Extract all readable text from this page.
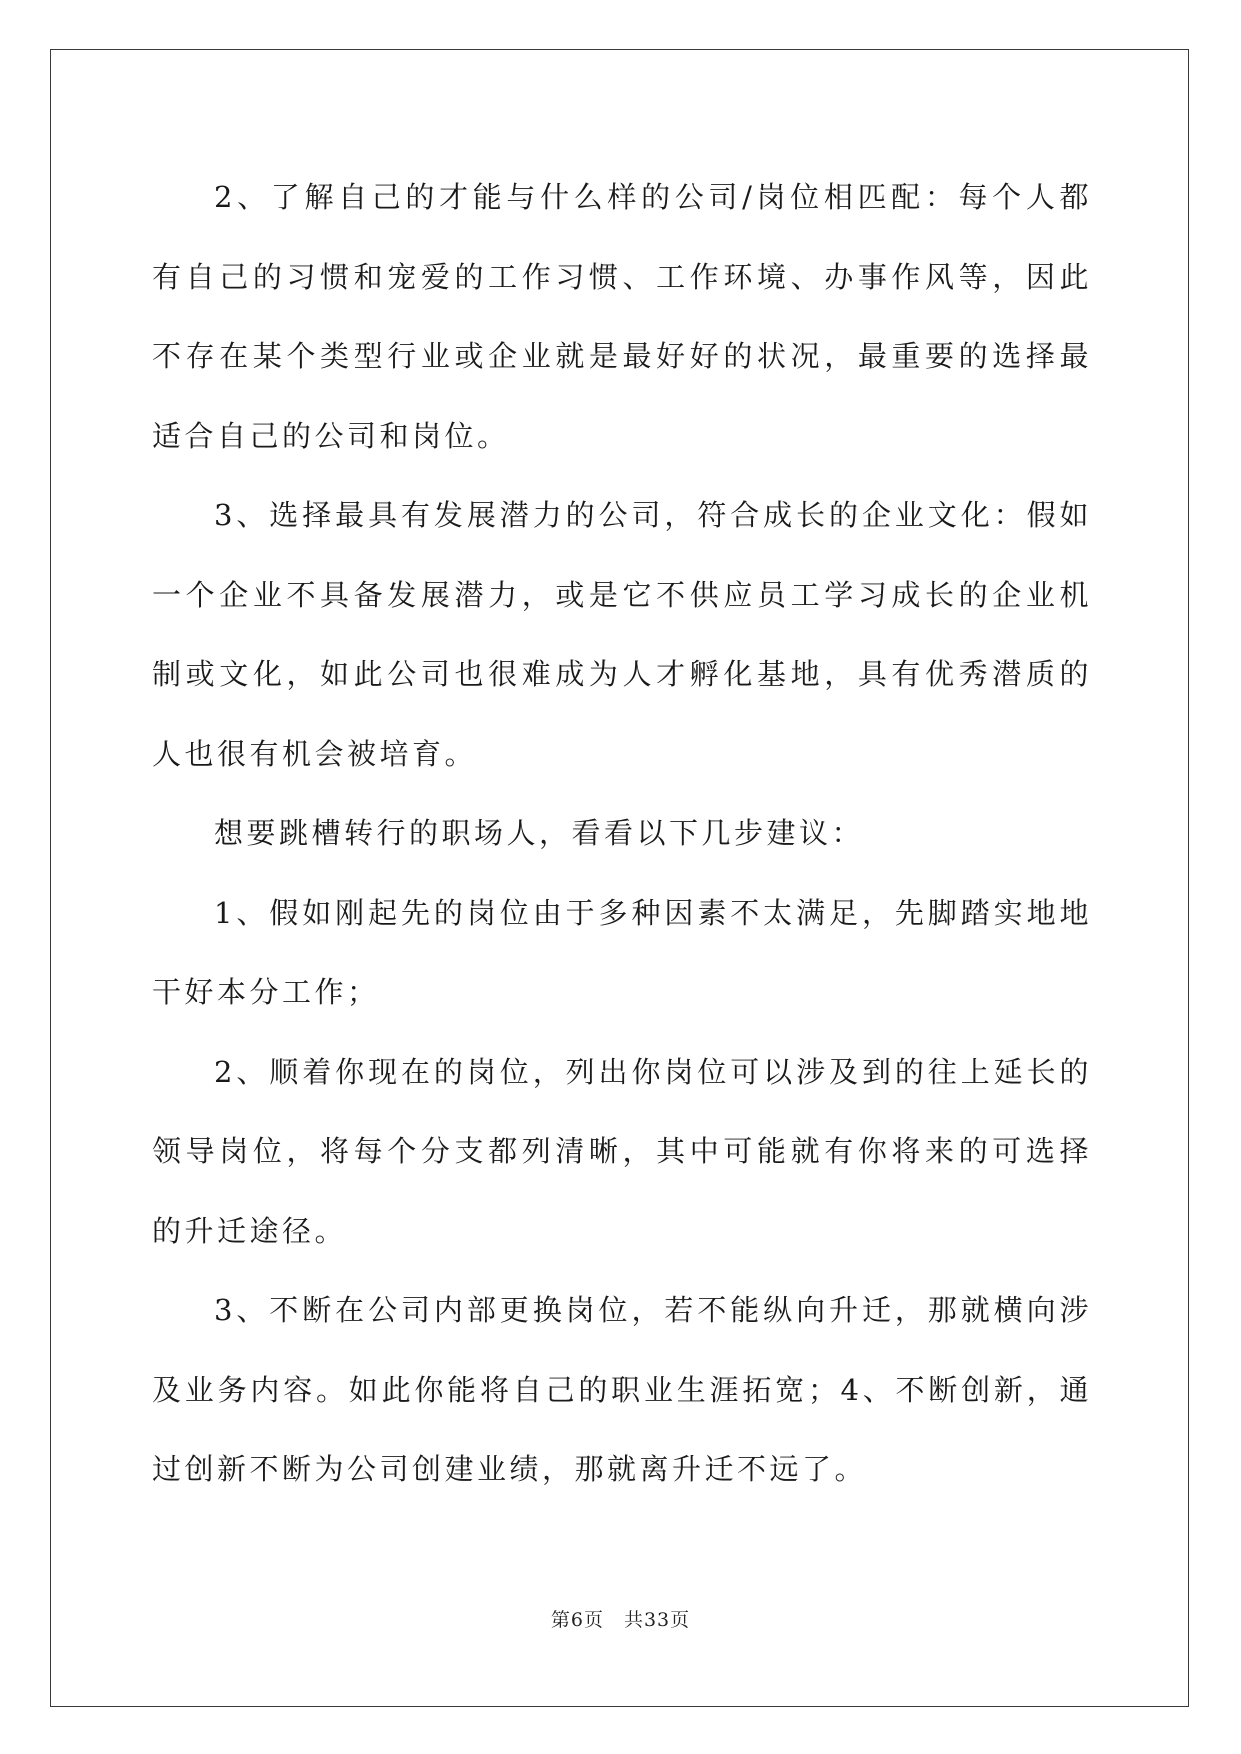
2、了解自己的才能与什么样的公司/岗位相匹配：每个人都有自己的习惯和宠爱的工作习惯、工作环境、办事作风等，因此不存在某个类型行业或企业就是最好好的状况，最重要的选择最适合自己的公司和岗位。

3、选择最具有发展潜力的公司，符合成长的企业文化：假如一个企业不具备发展潜力，或是它不供应员工学习成长的企业机制或文化，如此公司也很难成为人才孵化基地，具有优秀潜质的人也很有机会被培育。

想要跳槽转行的职场人，看看以下几步建议：

1、假如刚起先的岗位由于多种因素不太满足，先脚踏实地地干好本分工作；

2、顺着你现在的岗位，列出你岗位可以涉及到的往上延长的领导岗位，将每个分支都列清晰，其中可能就有你将来的可选择的升迁途径。

3、不断在公司内部更换岗位，若不能纵向升迁，那就横向涉及业务内容。如此你能将自己的职业生涯拓宽；4、不断创新，通过创新不断为公司创建业绩，那就离升迁不远了。

第6页 共33页
